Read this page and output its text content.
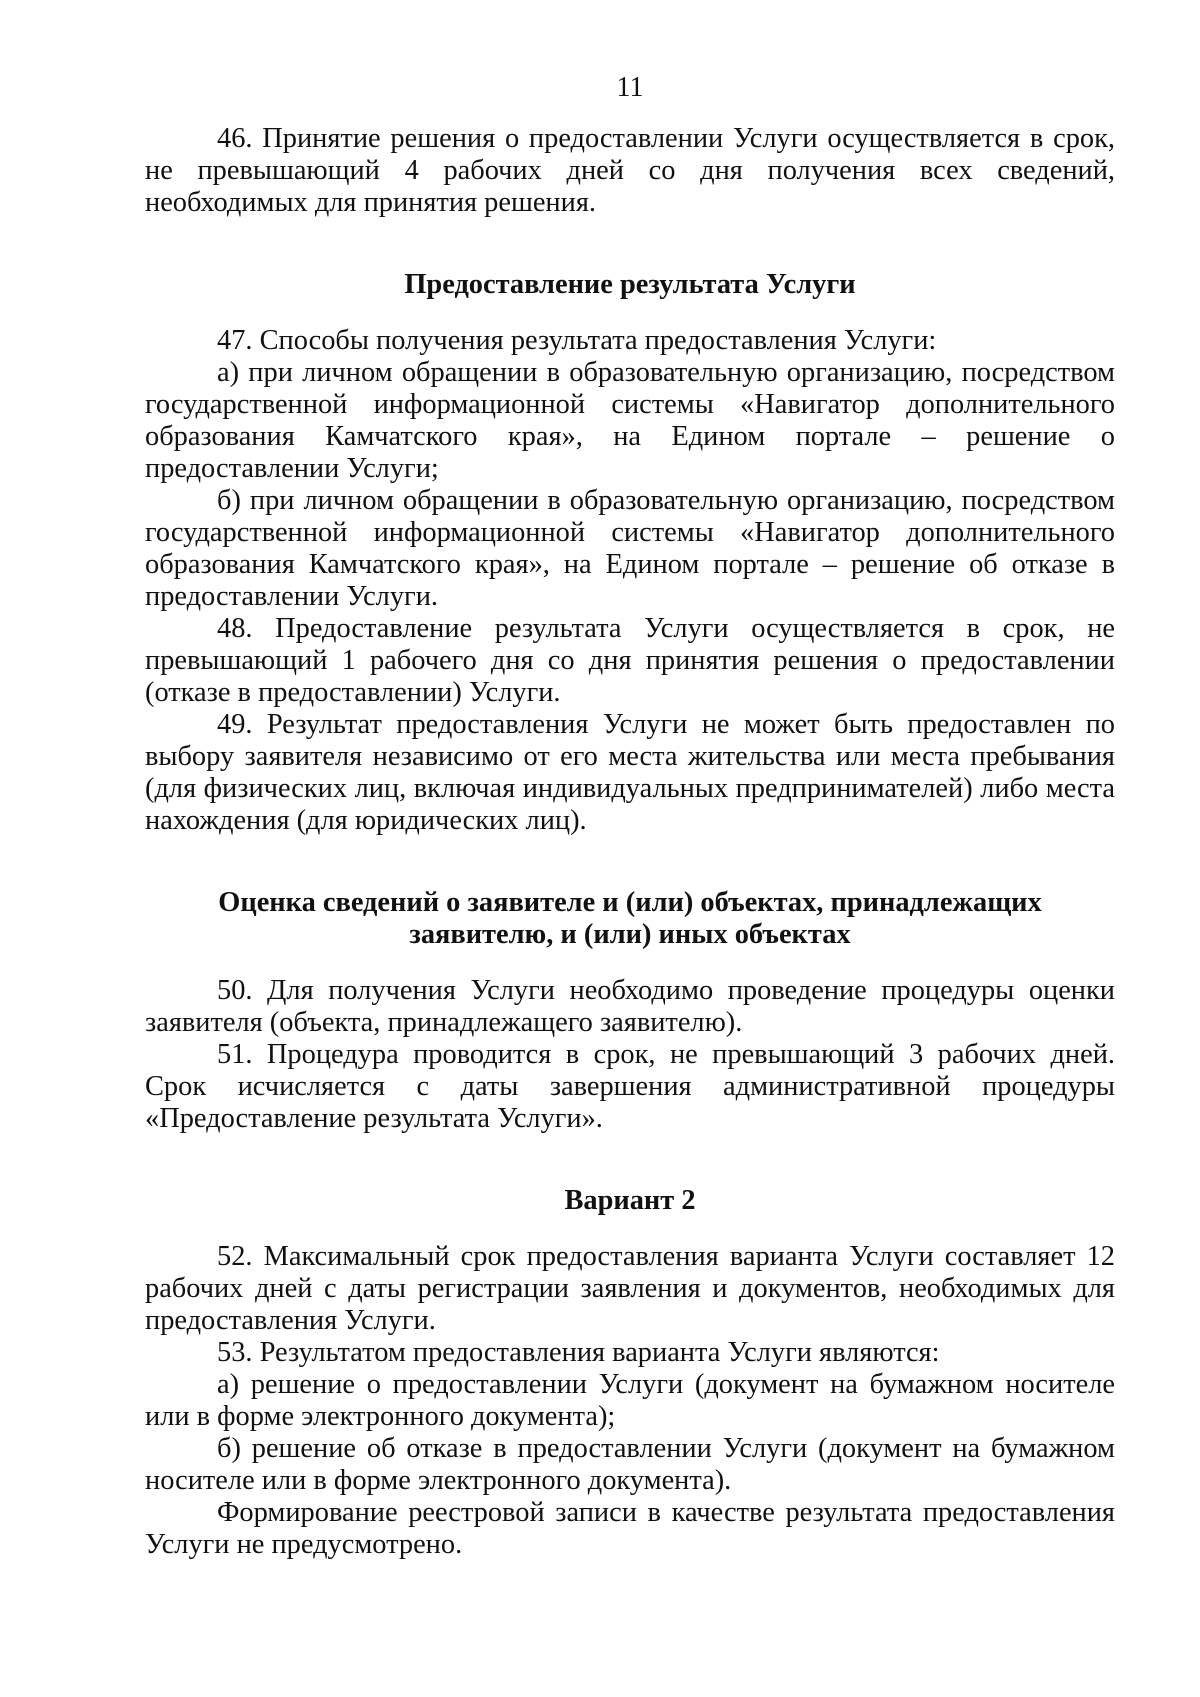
11

46. Принятие решения о предоставлении Услуги осуществляется в срок, не превышающий 4 рабочих дней со дня получения всех сведений, необходимых для принятия решения.

Предоставление результата Услуги

47. Способы получения результата предоставления Услуги:

а) при личном обращении в образовательную организацию, посредством государственной информационной системы «Навигатор дополнительного образования Камчатского края», на Едином портале – решение о предоставлении Услуги;

б) при личном обращении в образовательную организацию, посредством государственной информационной системы «Навигатор дополнительного образования Камчатского края», на Едином портале – решение об отказе в предоставлении Услуги.

48. Предоставление результата Услуги осуществляется в срок, не превышающий 1 рабочего дня со дня принятия решения о предоставлении (отказе в предоставлении) Услуги.

49. Результат предоставления Услуги не может быть предоставлен по выбору заявителя независимо от его места жительства или места пребывания (для физических лиц, включая индивидуальных предпринимателей) либо места нахождения (для юридических лиц).

Оценка сведений о заявителе и (или) объектах, принадлежащих заявителю, и (или) иных объектах

50. Для получения Услуги необходимо проведение процедуры оценки заявителя (объекта, принадлежащего заявителю).

51. Процедура проводится в срок, не превышающий 3 рабочих дней. Срок исчисляется с даты завершения административной процедуры «Предоставление результата Услуги».

Вариант 2

52. Максимальный срок предоставления варианта Услуги составляет 12 рабочих дней с даты регистрации заявления и документов, необходимых для предоставления Услуги.

53. Результатом предоставления варианта Услуги являются:

а) решение о предоставлении Услуги (документ на бумажном носителе или в форме электронного документа);

б) решение об отказе в предоставлении Услуги (документ на бумажном носителе или в форме электронного документа).

Формирование реестровой записи в качестве результата предоставления Услуги не предусмотрено.
